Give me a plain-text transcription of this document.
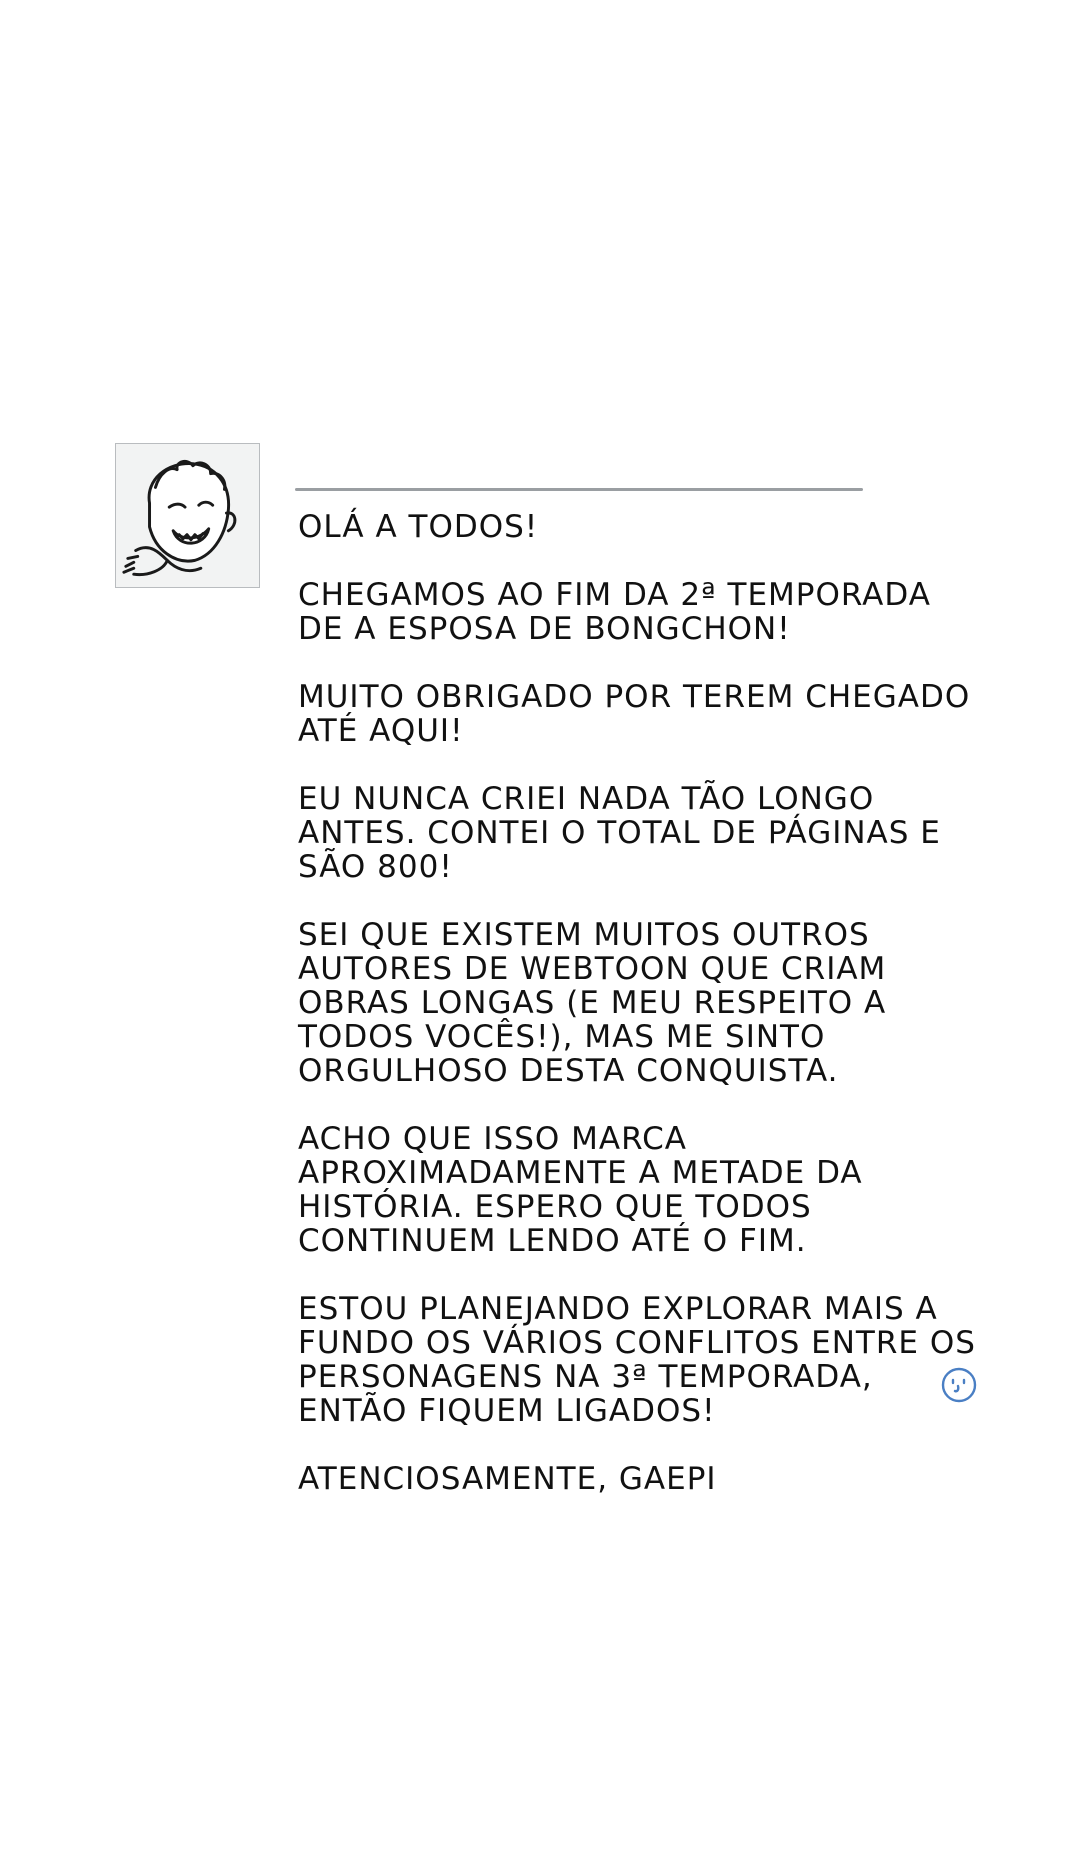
OLÁ A TODOS!

CHEGAMOS AO FIM DA 2ª TEMPORADA
DE A ESPOSA DE BONGCHON!

MUITO OBRIGADO POR TEREM CHEGADO
ATÉ AQUI!

EU NUNCA CRIEI NADA TÃO LONGO
ANTES. CONTEI O TOTAL DE PÁGINAS E
SÃO 800!

SEI QUE EXISTEM MUITOS OUTROS
AUTORES DE WEBTOON QUE CRIAM
OBRAS LONGAS (E MEU RESPEITO A
TODOS VOCÊS!), MAS ME SINTO
ORGULHOSO DESTA CONQUISTA.

ACHO QUE ISSO MARCA
APROXIMADAMENTE A METADE DA
HISTÓRIA. ESPERO QUE TODOS
CONTINUEM LENDO ATÉ O FIM.

ESTOU PLANEJANDO EXPLORAR MAIS A
FUNDO OS VÁRIOS CONFLITOS ENTRE OS
PERSONAGENS NA 3ª TEMPORADA,
ENTÃO FIQUEM LIGADOS!

ATENCIOSAMENTE, GAEPI
